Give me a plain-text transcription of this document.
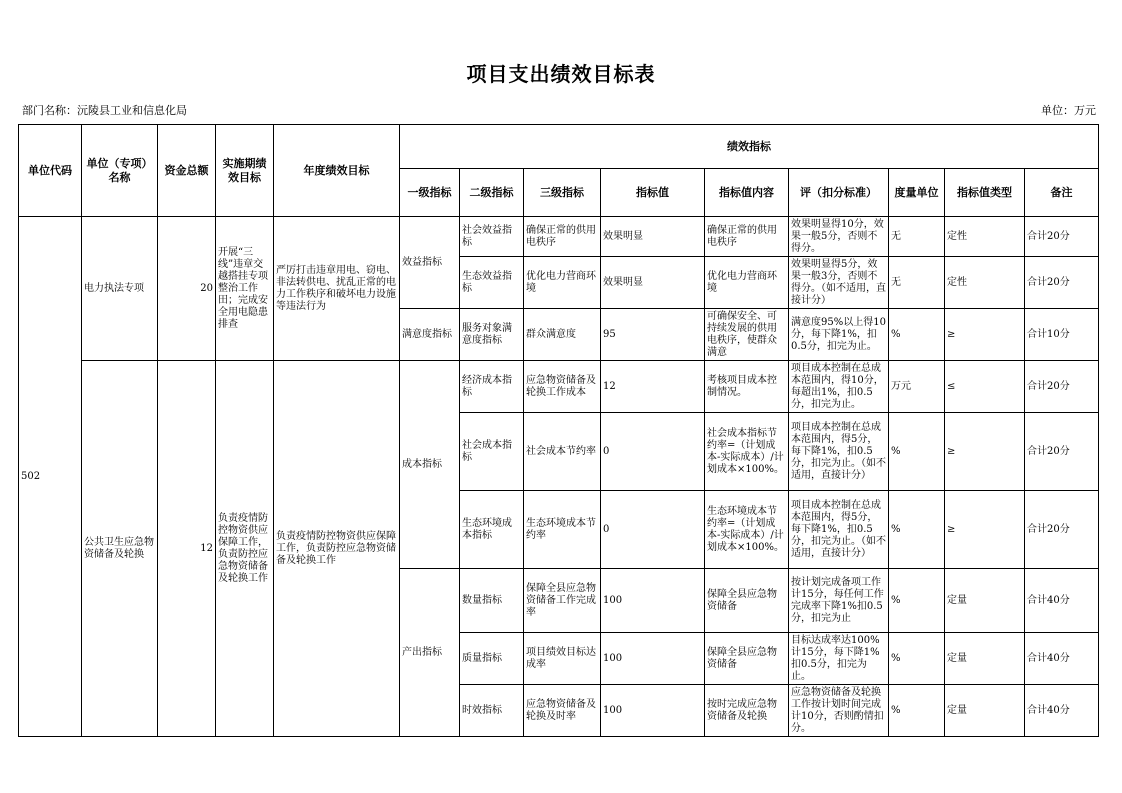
项目支出绩效目标表
部门名称：沅陵县工业和信息化局	单位：万元
单位代码	单位（专项）名称	资金总额	实施期绩效目标	年度绩效目标	绩效指标								
					一级指标	二级指标	三级指标	指标值	指标值内容	评（扣分标准）	度量单位	指标值类型	备注
502	电力执法专项	20	开展“三线”违章交越搭挂专项整治工作田；完成安全用电隐患排查	严厉打击违章用电、窃电、非法转供电、扰乱正常的电力工作秩序和破坏电力设施等违法行为	效益指标	社会效益指标	确保正常的供用电秩序	效果明显	确保正常的供用电秩序	效果明显得10分，效果一般5分，否则不得分。	无	定性	合计20分
						生态效益指标	优化电力营商环境	效果明显	优化电力营商环境	效果明显得5分，效果一般3分，否则不得分。（如不适用，直接计分）	无	定性	合计20分
					满意度指标	服务对象满意度指标	群众满意度	95	可确保安全、可持续发展的供用电秩序，使群众满意	满意度95%以上得10分，每下降1%，扣0.5分，扣完为止。	%	≥	合计10分
	公共卫生应急物资储备及轮换	12	负责疫情防控物资供应保障工作，负责防控应急物资储备及轮换工作	负责疫情防控物资供应保障工作，负责防控应急物资储备及轮换工作	成本指标	经济成本指标	应急物资储备及轮换工作成本	12	考核项目成本控制情况。	项目成本控制在总成本范围内，得10分，每超出1%，扣0.5分，扣完为止。	万元	≤	合计20分
						社会成本指标	社会成本节约率	0	社会成本指标节约率=（计划成本-实际成本）/计划成本×100%。	项目成本控制在总成本范围内，得5分，每下降1%，扣0.5分，扣完为止。（如不适用，直接计分）	%	≥	合计20分
						生态环境成本指标	生态环境成本节约率	0	生态环境成本节约率=（计划成本-实际成本）/计划成本×100%。	项目成本控制在总成本范围内，得5分，每下降1%，扣0.5分，扣完为止。（如不适用，直接计分）	%	≥	合计20分
					产出指标	数量指标	保障全县应急物资储备工作完成率	100	保障全县应急物资储备	按计划完成备项工作计15分，每任何工作完成率下降1%扣0.5分，扣完为止	%	定量	合计40分
						质量指标	项目绩效目标达成率	100	保障全县应急物资储备	目标达成率达100%计15分，每下降1%扣0.5分，扣完为止。	%	定量	合计40分
						时效指标	应急物资储备及轮换及时率	100	按时完成应急物资储备及轮换	应急物资储备及轮换工作按计划时间完成计10分，否则酌情扣分。	%	定量	合计40分
